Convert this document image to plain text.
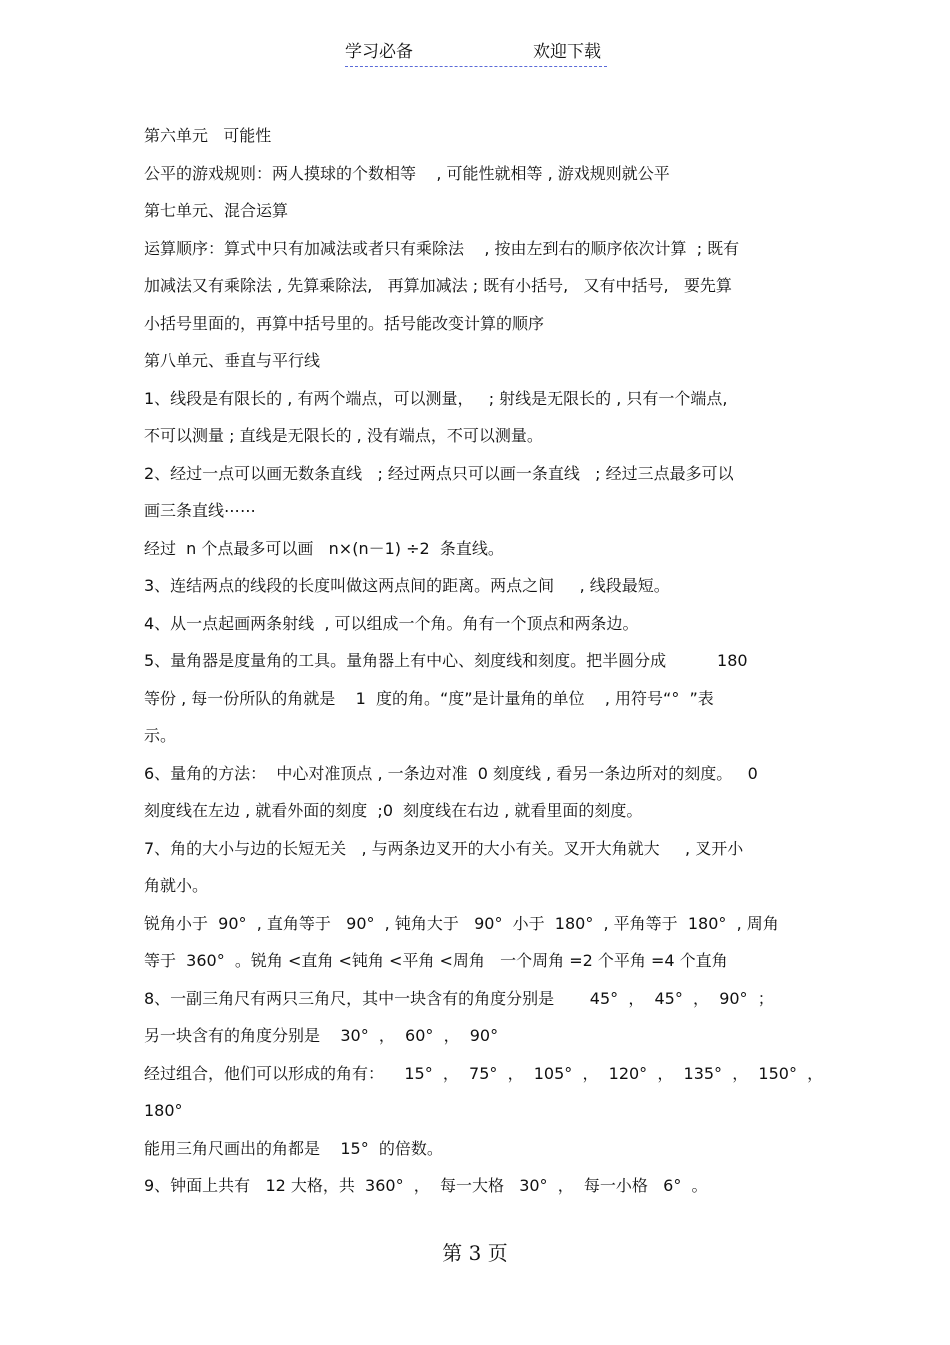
学习必备	欢迎下载
第六单元   可能性
公平的游戏规则：两人摸球的个数相等    , 可能性就相等 , 游戏规则就公平
第七单元、混合运算
运算顺序：算式中只有加减法或者只有乘除法    , 按由左到右的顺序依次计算  ; 既有
加减法又有乘除法 , 先算乘除法,   再算加减法 ; 既有小括号,   又有中括号,   要先算
小括号里面的，再算中括号里的。括号能改变计算的顺序
第八单元、垂直与平行线
1、线段是有限长的 , 有两个端点，可以测量，   ; 射线是无限长的 , 只有一个端点,
不可以测量 ; 直线是无限长的 , 没有端点，不可以测量。
2、经过一点可以画无数条直线   ; 经过两点只可以画一条直线   ; 经过三点最多可以
画三条直线⋯⋯
经过  n 个点最多可以画   n×(n－1) ÷2  条直线。
3、连结两点的线段的长度叫做这两点间的距离。两点之间     , 线段最短。
4、从一点起画两条射线  , 可以组成一个角。角有一个顶点和两条边。
5、量角器是度量角的工具。量角器上有中心、刻度线和刻度。把半圆分成          180
等份 , 每一份所队的角就是    1  度的角。“度”是计量角的单位    , 用符号“°  ”表
示。
6、量角的方法：  中心对准顶点 , 一条边对准  0 刻度线 , 看另一条边所对的刻度。   0
刻度线在左边 , 就看外面的刻度  ;0  刻度线在右边 , 就看里面的刻度。
7、角的大小与边的长短无关   , 与两条边叉开的大小有关。叉开大角就大     , 叉开小
角就小。
锐角小于  90°  , 直角等于   90°  , 钝角大于   90°  小于  180°  , 平角等于  180°  , 周角
等于  360°  。锐角 <直角 <钝角 <平角 <周角   一个周角 =2 个平角 =4 个直角
8、一副三角尺有两只三角尺，其中一块含有的角度分别是       45°  ，  45°  ，  90°  ；
另一块含有的角度分别是    30°  ，  60°  ，  90°
经过组合，他们可以形成的角有：    15°  ，  75°  ，  105°  ，  120°  ，  135°  ，  150°  ，
180°
能用三角尺画出的角都是    15°  的倍数。
9、钟面上共有   12 大格，共  360°  ，  每一大格   30°  ，  每一小格   6°  。
第 3 页
